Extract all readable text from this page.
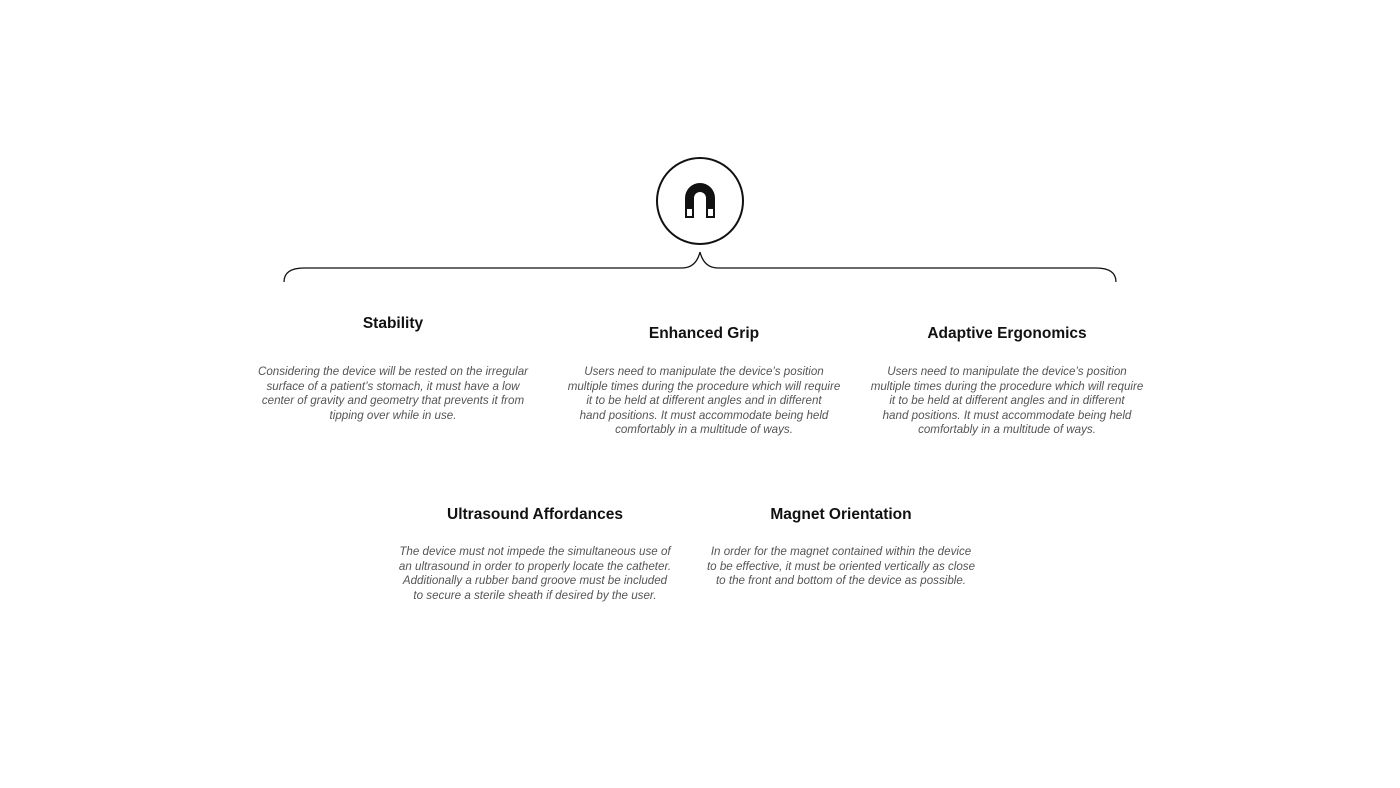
Stability
Considering the device will be rested on the irregular
surface of a patient’s stomach, it must have a low
center of gravity and geometry that prevents it from
tipping over while in use.
Enhanced Grip
Users need to manipulate the device’s position
multiple times during the procedure which will require
it to be held at different angles and in different
hand positions. It must accommodate being held
comfortably in a multitude of ways.
Adaptive Ergonomics
Users need to manipulate the device’s position
multiple times during the procedure which will require
it to be held at different angles and in different
hand positions. It must accommodate being held
comfortably in a multitude of ways.
Ultrasound Affordances
The device must not impede the simultaneous use of
an ultrasound in order to properly locate the catheter.
Additionally a rubber band groove must be included
to secure a sterile sheath if desired by the user.
Magnet Orientation
In order for the magnet contained within the device
to be effective, it must be oriented vertically as close
to the front and bottom of the device as possible.
